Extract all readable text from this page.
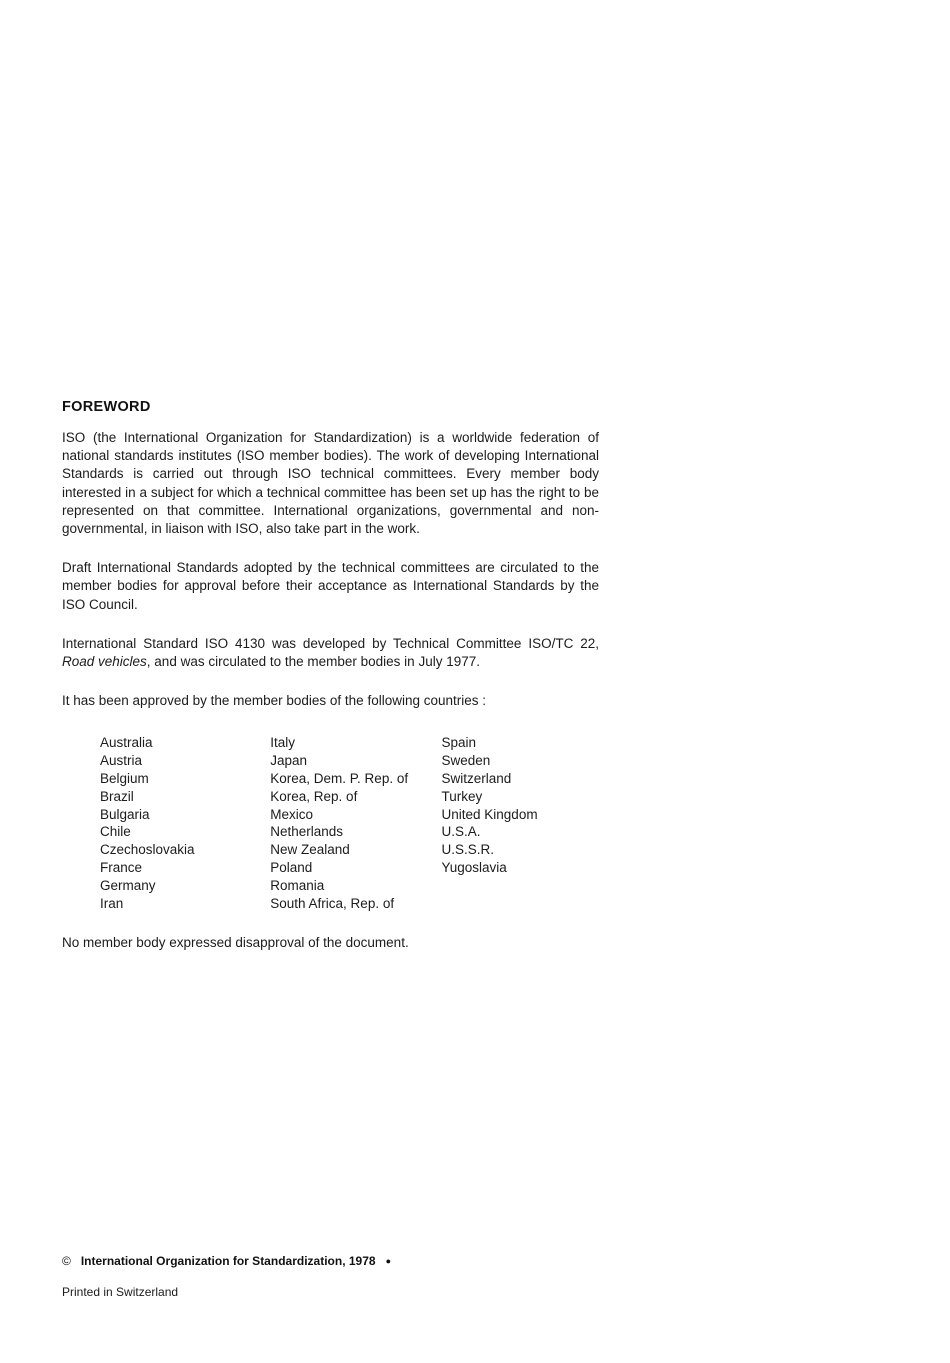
FOREWORD

ISO (the International Organization for Standardization) is a worldwide federation of national standards institutes (ISO member bodies). The work of developing International Standards is carried out through ISO technical committees. Every member body interested in a subject for which a technical committee has been set up has the right to be represented on that committee. International organizations, governmental and non-governmental, in liaison with ISO, also take part in the work.

Draft International Standards adopted by the technical committees are circulated to the member bodies for approval before their acceptance as International Standards by the ISO Council.

International Standard ISO 4130 was developed by Technical Committee ISO/TC 22, Road vehicles, and was circulated to the member bodies in July 1977.

It has been approved by the member bodies of the following countries :

Australia
Austria
Belgium
Brazil
Bulgaria
Chile
Czechoslovakia
France
Germany
Iran
Italy
Japan
Korea, Dem. P. Rep. of
Korea, Rep. of
Mexico
Netherlands
New Zealand
Poland
Romania
South Africa, Rep. of
Spain
Sweden
Switzerland
Turkey
United Kingdom
U.S.A.
U.S.S.R.
Yugoslavia

No member body expressed disapproval of the document.

© International Organization for Standardization, 1978 ●
Printed in Switzerland
